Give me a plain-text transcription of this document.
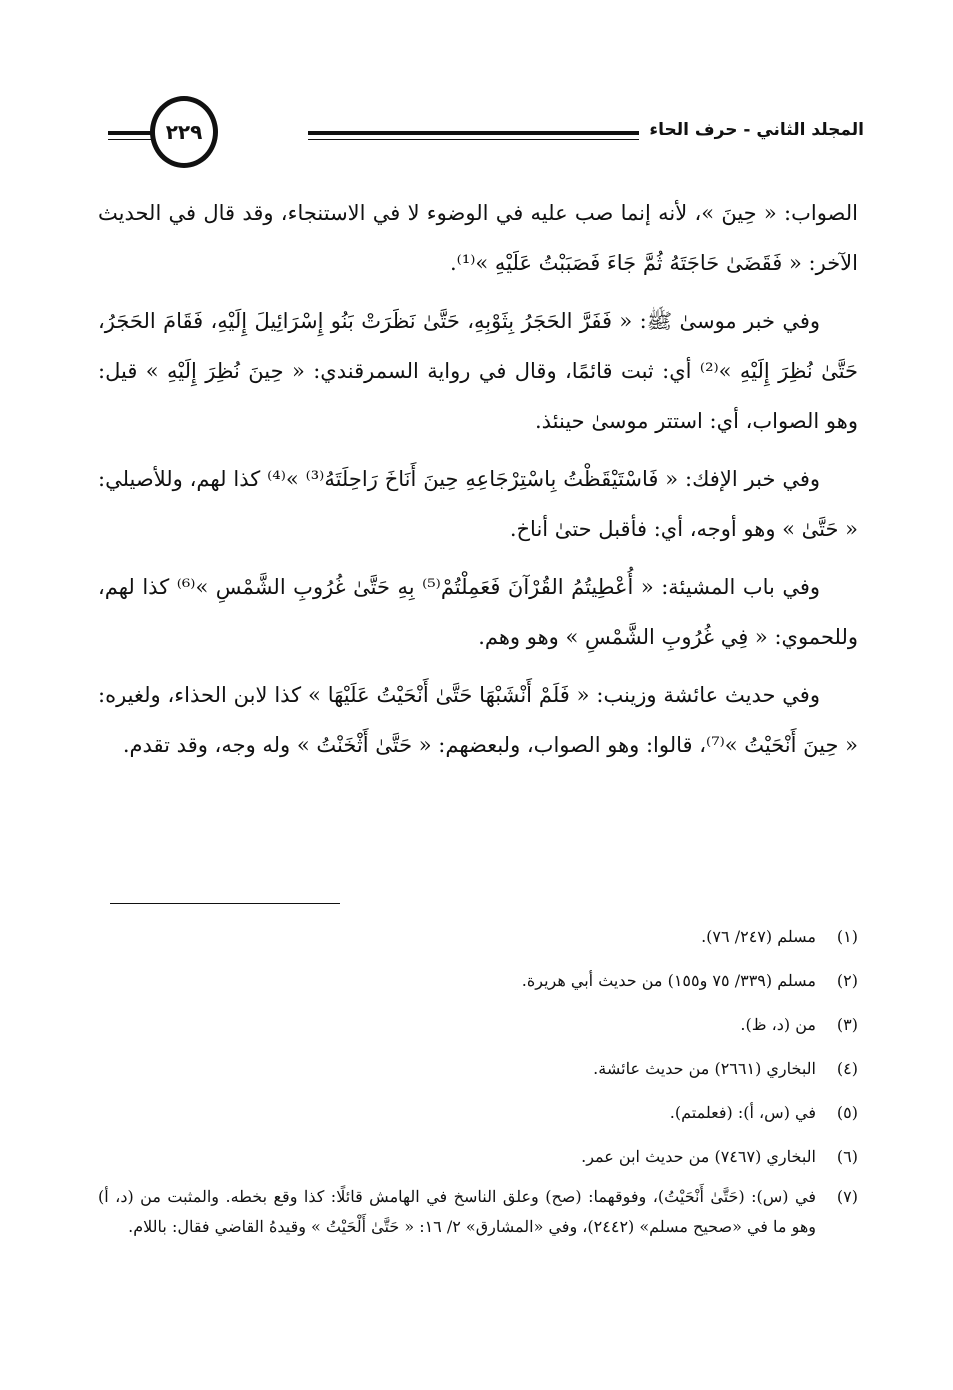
المجلد الثاني - حرف الحاء
٢٢٩

الصواب: « حِينَ »، لأنه إنما صب عليه في الوضوء لا في الاستنجاء، وقد قال في الحديث الآخر: « فَقَضَىٰ حَاجَتَهُ ثُمَّ جَاءَ فَصَبَبْتُ عَلَيْهِ »⁽¹⁾.

وفي خبر موسىٰ ﷺ: « فَفَرَّ الحَجَرُ بِثَوْبِهِ، حَتَّىٰ نَظَرَتْ بَنُو إِسْرَائِيلَ إِلَيْهِ، فَقَامَ الحَجَرُ، حَتَّىٰ نُظِرَ إِلَيْهِ »⁽²⁾ أي: ثبت قائمًا، وقال في رواية السمرقندي: « حِينَ نُظِرَ إِلَيْهِ » قيل: وهو الصواب، أي: استتر موسىٰ حينئذ.

وفي خبر الإفك: « فَاسْتَيْقَظْتُ بِاسْتِرْجَاعِهِ حِينَ أَنَاخَ رَاحِلَتَهُ⁽³⁾ »⁽⁴⁾ كذا لهم، وللأصيلي: « حَتَّىٰ » وهو أوجه، أي: فأقبل حتىٰ أناخ.

وفي باب المشيئة: « أُعْطِيتُمُ القُرْآنَ فَعَمِلْتُمْ⁽⁵⁾ بِهِ حَتَّىٰ غُرُوبِ الشَّمْسِ »⁽⁶⁾ كذا لهم، وللحموي: « فِي غُرُوبِ الشَّمْسِ » وهو وهم.

وفي حديث عائشة وزينب: « فَلَمْ أَنْشَبْهَا حَتَّىٰ أَنْحَيْتُ عَلَيْهَا » كذا لابن الحذاء، ولغيره: « حِينَ أَنْحَيْتُ »⁽⁷⁾، قالوا: وهو الصواب، ولبعضهم: « حَتَّىٰ أَثْخَنْتُ » وله وجه، وقد تقدم.

(١)
مسلم (٢٤٧/ ٧٦).
(٢)
مسلم (٣٣٩/ ٧٥ و١٥٥) من حديث أبي هريرة.
(٣)
من (د، ظ).
(٤)
البخاري (٢٦٦١) من حديث عائشة.
(٥)
في (س، أ): (فعلمتم).
(٦)
البخاري (٧٤٦٧) من حديث ابن عمر.
(٧)
في (س): (حَتَّىٰ أَنْحَيْتُ)، وفوقهما: (صح) وعلق الناسخ في الهامش قائلًا: كذا وقع بخطه. والمثبت من (د، أ) وهو ما في «صحيح مسلم» (٢٤٤٢)، وفي «المشارق» ٢/ ١٦: « حَتَّىٰ أَلْحَيْتُ » وقيدهُ القاضي فقال: باللام.
